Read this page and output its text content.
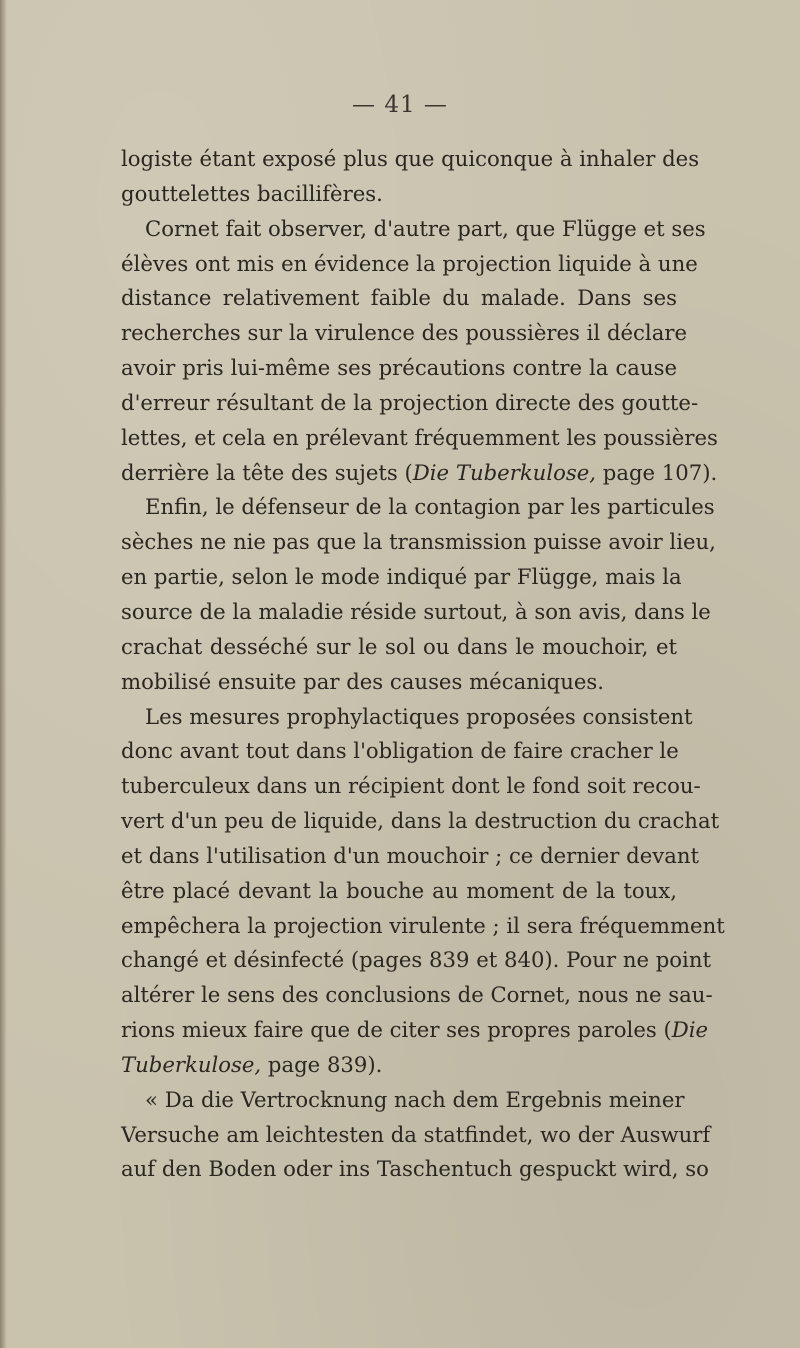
— 41 —
logiste étant exposé plus que quiconque à inhaler des
gouttelettes bacillifères.
Cornet fait observer, d'autre part, que Flügge et ses
élèves ont mis en évidence la projection liquide à une
distance relativement faible du malade. Dans ses
recherches sur la virulence des poussières il déclare
avoir pris lui-même ses précautions contre la cause
d'erreur résultant de la projection directe des goutte-
lettes, et cela en prélevant fréquemment les poussières
derrière la tête des sujets (Die Tuberkulose, page 107).
Enfin, le défenseur de la contagion par les particules
sèches ne nie pas que la transmission puisse avoir lieu,
en partie, selon le mode indiqué par Flügge, mais la
source de la maladie réside surtout, à son avis, dans le
crachat desséché sur le sol ou dans le mouchoir, et
mobilisé ensuite par des causes mécaniques.
Les mesures prophylactiques proposées consistent
donc avant tout dans l'obligation de faire cracher le
tuberculeux dans un récipient dont le fond soit recou-
vert d'un peu de liquide, dans la destruction du crachat
et dans l'utilisation d'un mouchoir ; ce dernier devant
être placé devant la bouche au moment de la toux,
empêchera la projection virulente ; il sera fréquemment
changé et désinfecté (pages 839 et 840). Pour ne point
altérer le sens des conclusions de Cornet, nous ne sau-
rions mieux faire que de citer ses propres paroles (Die
Tuberkulose, page 839).
« Da die Vertrocknung nach dem Ergebnis meiner
Versuche am leichtesten da statfindet, wo der Auswurf
auf den Boden oder ins Taschentuch gespuckt wird, so
